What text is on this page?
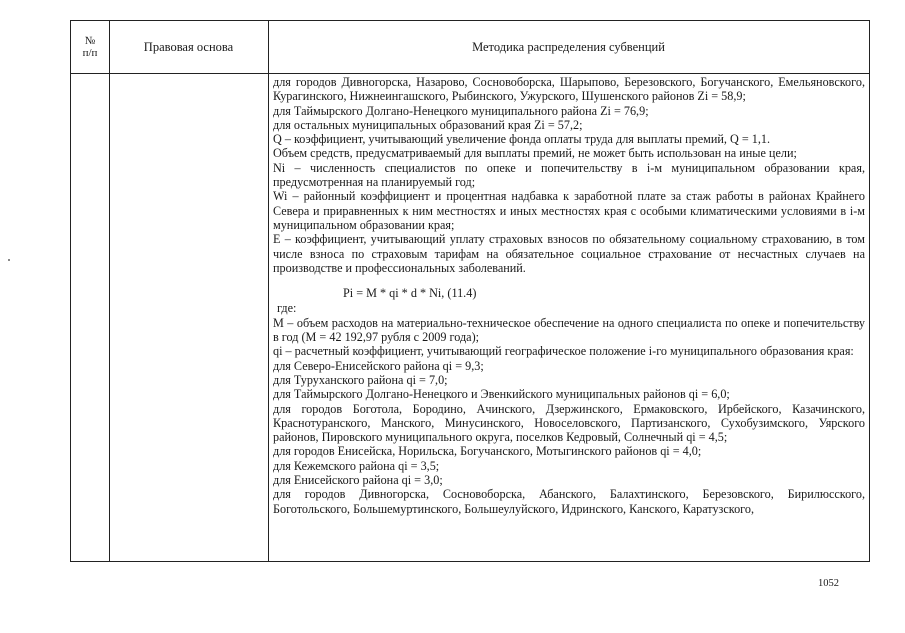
№
п/п	Правовая основа	Методика распределения субвенций

для городов Дивногорска, Назарово, Сосновоборска, Шарыпово, Березовского, Богучанского, Емельяновского, Курагинского, Нижнеингашского, Рыбинского, Ужурского, Шушенского районов Zi = 58,9;

для Таймырского Долгано-Ненецкого муниципального района Zi = 76,9;

для остальных муниципальных образований края Zi = 57,2;

Q – коэффициент, учитывающий увеличение фонда оплаты труда для выплаты премий, Q = 1,1.

Объем средств, предусматриваемый для выплаты премий, не может быть использован на иные цели;

Ni – численность специалистов по опеке и попечительству в i-м муниципальном образовании края, предусмотренная на планируемый год;

Wi – районный коэффициент и процентная надбавка к заработной плате за стаж работы в районах Крайнего Севера и приравненных к ним местностях и иных местностях края с особыми климатическими условиями в i-м муниципальном образовании края;

E – коэффициент, учитывающий уплату страховых взносов по обязательному социальному страхованию, в том числе взноса по страховым тарифам на обязательное социальное страхование от несчастных случаев на производстве и профессиональных заболеваний.

Pi = M * qi * d * Ni, (11.4)

где:

M – объем расходов на материально-техническое обеспечение на одного специалиста по опеке и попечительству в год (M = 42 192,97 рубля с 2009 года);

qi – расчетный коэффициент, учитывающий географическое положение i-го муниципального образования края:

для Северо-Енисейского района qi = 9,3;

для Туруханского района qi = 7,0;

для Таймырского Долгано-Ненецкого и Эвенкийского муниципальных районов qi = 6,0;

для городов Боготола, Бородино, Ачинского, Дзержинского, Ермаковского, Ирбейского, Казачинского, Краснотуранского, Манского, Минусинского, Новоселовского, Партизанского, Сухобузимского, Уярского районов, Пировского муниципального округа, поселков Кедровый, Солнечный qi = 4,5;

для городов Енисейска, Норильска, Богучанского, Мотыгинского районов qi = 4,0;

для Кежемского района qi = 3,5;

для Енисейского района qi = 3,0;

для городов Дивногорска, Сосновоборска, Абанского, Балахтинского, Березовского, Бирилюсского, Боготольского, Большемуртинского, Большеулуйского, Идринского, Канского, Каратузского,

1052
